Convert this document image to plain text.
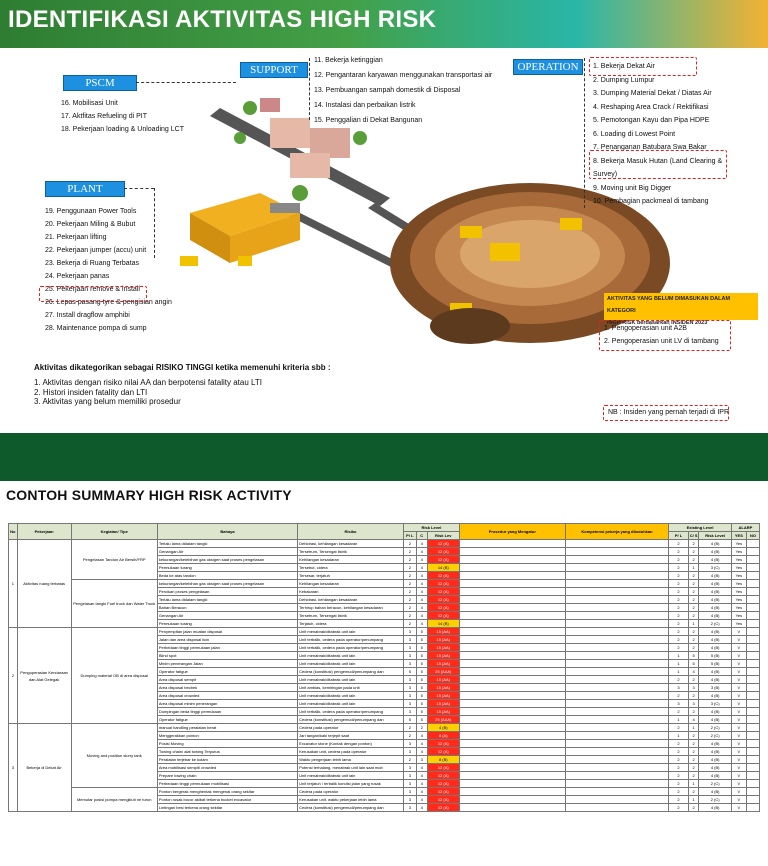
IDENTIFIKASI AKTIVITAS HIGH RISK
PSCM
16. Mobilisasi Unit
17. Aktfitas Refueling di PIT
18. Pekerjaan loading & Unloading LCT
SUPPORT
11. Bekerja ketinggian
12. Pengantaran karyawan menggunakan transportasi air
13. Pembuangan sampah domestik di Disposal
14. Instalasi dan perbaikan listrik
15. Penggalian di Dekat Bangunan
OPERATION	1. Bekerja Dekat Air
2. Dumping Lumpur
3. Dumping Material Dekat / Diatas Air
4. Reshaping Area Crack / Rektifikasi
5. Pemotongan Kayu dan Pipa HDPE
6. Loading di Lowest Point
7. Penanganan Batubara Swa Bakar
8. Bekerja Masuk Hutan (Land Clearing &
Survey)
9. Moving unit Big Digger
10. Pembagian packmeal di tambang
PLANT
19. Penggunaan Power Tools
20. Pekerjaan Miling & Bubut
21. Pekerjaan lifting
22. Pekerjaan jumper (accu) unit
23. Bekerja di Ruang Terbatas
24. Pekerjaan panas
25. Pekerjaan remove & install
26. Lepas pasang tyre & pengisian angin
27. Install dragflow amphibi
28. Maintenance pompa di sump
AKTIVITAS YANG BELUM DIMASUKAN DALAM KATEGORI
HIGH RISK berdasarkan INSIDEN 2023
1. Pengoperasian unit A2B
2. Pengoperasian unit LV di tambang
NB : Insiden yang pernah terjadi di IPR
Aktivitas dikategorikan sebagai RISIKO TINGGI ketika memenuhi kriteria sbb :
1. Aktivitas dengan risiko nilai AA dan berpotensi fatality atau LTI
2. Histori insiden fatality dan LTI
3. Aktivitas yang belum memiliki prosedur
CONTOH SUMMARY HIGH RISK ACTIVITY
No	Pekerjaan	Kegiatan/ Tipe	Bahaya	Risiko	Risk Level			Prosedur yang Mengatur	Kompetensi pekerja yang dibutuhkan	Existing Level			ALARP	
					P/ L	C	Risk Lev			P/ L	C/ S	Risk Level	YES	NO
1	Aktivitas ruang terbatas	Pengelasan Tandon Air Bersih/FRP	Terlalu lama didalam tangki	Dehidrasi, kehilangan kesadaran	2	4	12 (A)			2	2	4 (B)	Yes	
			Genangan Air	Tersetrum, Tersengat listrik	2	4	12 (A)			2	2	4 (B)	Yes	
			kekurangan/kelebihan gas oksigen saat proses pengelasan	Kehilangan kesadaran	2	4	12 (A)			2	2	4 (B)	Yes	
			Permukaan turang	Tersebut, cidera	2	4	14 (B)			2	1	3 (C)	Yes	
			Beda ke atas tandon	Tersesar, terjatuh	2	4	12 (A)			2	2	4 (B)	Yes	
		Pengelasan tangki Fuel truck dan Water Truck	kekurangan/kelebihan gas oksigen saat proses pengelasan	Kehilangan kesadaran	2	4	12 (A)			2	2	4 (B)	Yes	
			Percikan proses pengelasan	Kebakaran	2	4	12 (A)			2	2	4 (B)	Yes	
			Terlalu lama didalam tangki	Dehidrasi, kehilangan kesadaran	2	4	12 (A)			2	2	4 (B)	Yes	
			Bahan Beracun	Terhirup bahan beracun, kehilangan kesadaran	2	4	12 (A)			2	2	4 (B)	Yes	
			Genangan Air	Tersetrum, Tersengat listrik	2	4	12 (A)			2	2	4 (B)	Yes	
			Permukaan turang	Terjatuh, cidera	2	4	14 (B)			2	1	2 (C)	Yes	
2	Pengoperasian Kendaraan dan Alat Gelegak	Dumping material OB di area disposal	Penyempitan jalan muatan disposal	Unit menabrak/ditabrak unit lain	3	5	15 (AA)			2	2	4 (B)	V	
			Jalan dan area disposal licin	Unit terbalik, cedera pada operator/penumpang	3	5	15 (AA)			2	2	4 (B)	V	
			Perbedaan tinggi permukaan jalan	Unit terbalik, cedera pada operator/penumpang	3	5	15 (AA)			2	2	4 (B)	V	
			Blind spot	Unit menabrak/ditabrak unit lain	3	5	15 (AA)			1	5	5 (B)	V	
			Minim penerangan Jalan	Unit menabrak/ditabrak unit lain	3	5	15 (AA)			1	5	5 (B)	V	
			Operator fatigue	Cedera (konstitusi) pengemudi/penumpang dan	5	5	25 (AAA)			1	4	4 (B)	V	
			Area disposal sempit	Unit menabrak/ditabrak unit lain	3	5	15 (AA)			2	2	4 (B)	V	
			Area disposal becbek	Unit amblas, kemiringan pada unit	3	5	15 (AA)			3	3	3 (B)	V	
			Area disposal crowded	Unit menabrak/ditabrak unit lain	3	5	15 (AA)			2	2	4 (B)	V	
			Area disposal minim penerangan	Unit menabrak/ditabrak unit lain	3	5	15 (AA)			3	3	3 (C)	V	
			Dumpingan beda tinggi permukaan	Unit terbalik, cedera pada operator/penumpang	3	5	15 (AA)			2	2	4 (B)	V	
			Operator fatigue	Cedera (konstitusi) pengemudi/penumpang dan	5	5	25 (AAA)			1	4	4 (B)	V	
3	Bekerja di Dekat Air	Moving and position slurry tank	manual handling peralatan berat	Cedera pada operator	2	2	4 (B)			2	1	2 (C)	V	
			Menggerakkan ponton	Jari tangan/kaki terjepit saat	2	4	8 (A)			1	2	2 (C)	V	
			Posisi Moving	Excavator stone (Kontak dengan ponton)	3	4	12 (A)			2	2	4 (B)	V	
			Towing chain/ alat towing Terputus	Kerusakan unit, cedera pada operator	3	4	12 (A)			2	2	4 (B)	V	
			Peralatan terjebar ke kolam	Waktu pengerjaan lebih lama	2	3	8 (B)			2	2	4 (B)	V	
			Area mobilisasi sempit/ crowded	Potensi terhalang, menabrak unit lain saat mob	3	4	12 (A)			2	2	4 (B)	V	
			Prepare towing chain	Unit menabrak/ditabrak unit lain	3	4	12 (A)			2	2	4 (B)	V	
			Perbedaan tinggi permukaan mobilisasi	Unit terjatuh / terbalik kondisi jalan yang rusak	3	4	12 (A)			2	1	2 (C)	V	
		Memutar posisi pompa mengikuti ne turun	Ponton bergerak menghentak mengenai orang sekitar	Cedera pada operator	3	4	12 (A)			2	2	4 (B)	V	
			Ponton rusak bocor akibat terkena bucket excavator	Kerusakan unit, waktu pekerjaan lebih lama	3	4	12 (A)			2	1	2 (C)	V	
			Lintingan besi terkena orang sekitar	Cedera (konstitusi) pengemudi/penumpang dan	3	4	12 (A)			2	2	4 (B)	V	
